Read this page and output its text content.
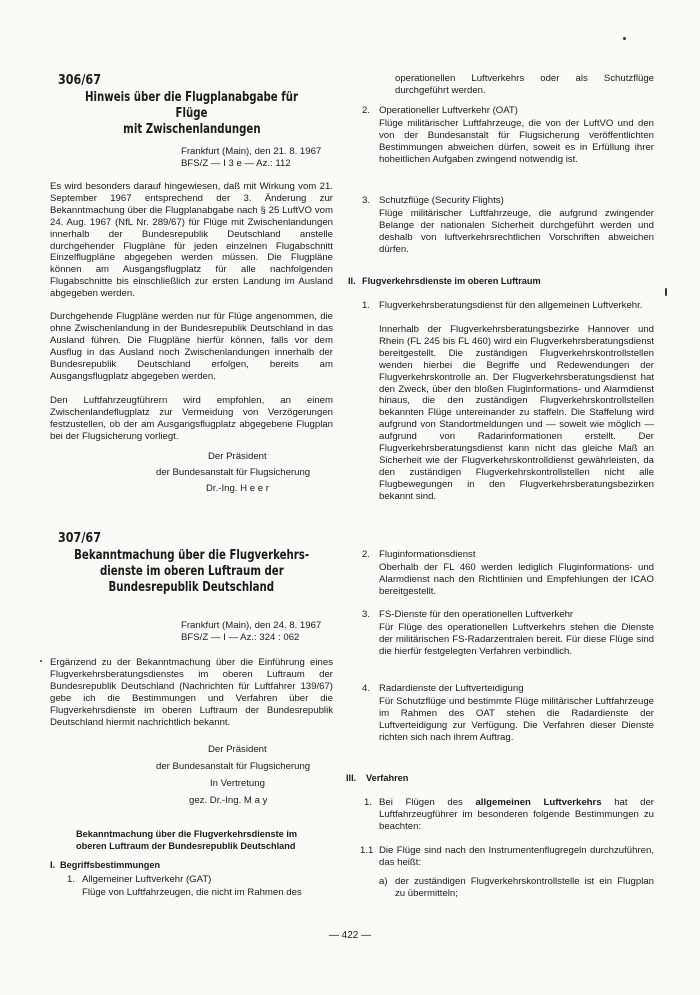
306/67
Hinweis über die Flugplanabgabe für Flüge
mit Zwischenlandungen
Frankfurt (Main), den 21. 8. 1967
BFS/Z — I 3 e — Az.: 112
Es wird besonders darauf hingewiesen, daß mit Wirkung vom 21. September 1967 entsprechend der 3. Änderung zur Bekanntmachung über die Flugplanabgabe nach § 25 LuftVO vom 24. Aug. 1967 (NfL Nr. 289/67) für Flüge mit Zwischenlandungen innerhalb der Bundesrepublik Deutschland anstelle durchgehender Flugpläne für jeden einzelnen Flugabschnitt Einzelflugpläne abgegeben werden müssen. Die Flugpläne können am Ausgangsflugplatz für alle nachfolgenden Flugabschnitte bis einschließlich zur ersten Landung im Ausland abgegeben werden.
Durchgehende Flugpläne werden nur für Flüge angenommen, die ohne Zwischenlandung in der Bundesrepublik Deutschland in das Ausland führen. Die Flugpläne hierfür können, falls vor dem Ausflug in das Ausland noch Zwischenlandungen innerhalb der Bundesrepublik Deutschland erfolgen, bereits am Ausgangsflugplatz abgegeben werden.
Den Luftfahrzeugführern wird empfohlen, an einem Zwischenlandeflugplatz zur Vermeidung von Verzögerungen festzustellen, ob der am Ausgangsflugplatz abgegebene Flugplan bei der Flugsicherung vorliegt.
Der Präsident
der Bundesanstalt für Flugsicherung
Dr.-Ing. H e e r
307/67
Bekanntmachung über die Flugverkehrs-
dienste im oberen Luftraum der
Bundesrepublik Deutschland
Frankfurt (Main), den 24. 8. 1967
BFS/Z — I — Az.: 324 : 062
Ergänzend zu der Bekanntmachung über die Einführung eines Flugverkehrsberatungsdienstes im oberen Luftraum der Bundesrepublik Deutschland (Nachrichten für Luftfahrer 139/67) gebe ich die Bestimmungen und Verfahren über die Flugverkehrsdienste im oberen Luftraum der Bundesrepublik Deutschland hiermit nachrichtlich bekannt.
Der Präsident
der Bundesanstalt für Flugsicherung
In Vertretung
gez. Dr.-Ing. M a y
Bekanntmachung über die Flugverkehrsdienste im
oberen Luftraum der Bundesrepublik Deutschland
I. Begriffsbestimmungen
1. Allgemeiner Luftverkehr (GAT)
Flüge von Luftfahrzeugen, die nicht im Rahmen des
operationellen Luftverkehrs oder als Schutzflüge durchgeführt werden.
2. Operationeller Luftverkehr (OAT)
Flüge militärischer Luftfahrzeuge, die von der LuftVO und den von der Bundesanstalt für Flugsicherung veröffentlichten Bestimmungen abweichen dürfen, soweit es in Erfüllung ihrer hoheitlichen Aufgaben zwingend notwendig ist.
3. Schutzflüge (Security Flights)
Flüge militärischer Luftfahrzeuge, die aufgrund zwingender Belange der nationalen Sicherheit durchgeführt werden und deshalb von luftverkehrsrechtlichen Vorschriften abweichen dürfen.
II. Flugverkehrsdienste im oberen Luftraum
1. Flugverkehrsberatungsdienst für den allgemeinen Luftverkehr.
Innerhalb der Flugverkehrsberatungsbezirke Hannover und Rhein (FL 245 bis FL 460) wird ein Flugverkehrsberatungsdienst bereitgestellt. Die zuständigen Flugverkehrskontrollstellen wenden hierbei die Begriffe und Redewendungen der Flugverkehrskontrolle an. Der Flugverkehrsberatungsdienst hat den Zweck, über den bloßen Fluginformations- und Alarmdienst hinaus, die den zuständigen Flugverkehrskontrollstellen bekannten Flüge untereinander zu staffeln. Die Staffelung wird aufgrund von Standortmeldungen und — soweit wie möglich — aufgrund von Radarinformationen erstellt. Der Flugverkehrsberatungsdienst kann nicht das gleiche Maß an Sicherheit wie der Flugverkehrskontrolldienst gewährleisten, da den zuständigen Flugverkehrskontrollstellen nicht alle Flugbewegungen in den Flugverkehrsberatungsbezirken bekannt sind.
2. Fluginformationsdienst
Oberhalb der FL 460 werden lediglich Fluginformations- und Alarmdienst nach den Richtlinien und Empfehlungen der ICAO bereitgestellt.
3. FS-Dienste für den operationellen Luftverkehr
Für Flüge des operationellen Luftverkehrs stehen die Dienste der militärischen FS-Radarzentralen bereit. Für diese Flüge sind die hierfür festgelegten Verfahren verbindlich.
4. Radardienste der Luftverteidigung
Für Schutzflüge und bestimmte Flüge militärischer Luftfahrzeuge im Rahmen des OAT stehen die Radardienste der Luftverteidigung zur Verfügung. Die Verfahren dieser Dienste richten sich nach ihrem Auftrag.
III. Verfahren
1. Bei Flügen des allgemeinen Luftverkehrs hat der Luftfahrzeugführer im besonderen folgende Bestimmungen zu beachten:
1.1 Die Flüge sind nach den Instrumentenflugregeln durchzuführen, das heißt:
a) der zuständigen Flugverkehrskontrollstelle ist ein Flugplan zu übermitteln;
— 422 —
